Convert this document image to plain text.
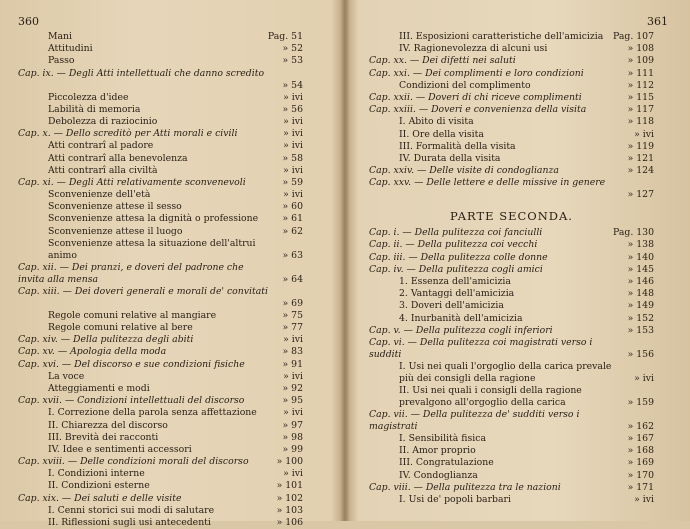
360
Mani	Pag. 51
Attitudini	» 52
Passo	» 53
Cap. ix. — Degli Atti intellettuali che danno scredito
» 54
Piccolezza d'idee	» ivi
Labilità di memoria	» 56
Debolezza di raziocinio	» ivi
Cap. x. — Dello screditò per Atti morali e civili	» ivi
Atti contrarî al padore	» ivi
Atti contrarî alla benevolenza	» 58
Atti contrarî alla civiltà	» ivi
Cap. xi. — Degli Atti relativamente sconvenevoli	» 59
Sconvenienze dell'età	» ivi
Sconvenienze attese il sesso	» 60
Sconvenienze attesa la dignità o professione	» 61
Sconvenienze attese il luogo	» 62
Sconvenienze attesa la situazione dell'altrui animo	» 63
Cap. xii. — Dei pranzi, e doveri del padrone che invita alla mensa	» 64
Cap. xiii. — Dei doveri generali e morali de' convitati
» 69
Regole comuni relative al mangiare	» 75
Regole comuni relative al bere	» 77
Cap. xiv. — Della pulitezza degli abiti	» ivi
Cap. xv. — Apologia della moda	» 83
Cap. xvi. — Del discorso e sue condizioni fisiche	» 91
La voce	» ivi
Atteggiamenti e modi	» 92
Cap. xvii. — Condizioni intellettuali del discorso	» 95
I. Correzione della parola senza affettazione	» ivi
II. Chiarezza del discorso	» 97
III. Brevità dei racconti	» 98
IV. Idee e sentimenti accessori	» 99
Cap. xviii. — Delle condizioni morali del discorso	» 100
I. Condizioni interne	» ivi
II. Condizioni esterne	» 101
Cap. xix. — Dei saluti e delle visite	» 102
I. Cenni storici sui modi di salutare	» 103
II. Riflessioni sugli usi antecedenti	» 106
361
III. Esposizioni caratteristiche dell'amicizia Pag. 107
IV. Ragionevolezza di alcuni usi	» 108
Cap. xx. — Dei difetti nei saluti	» 109
Cap. xxi. — Dei complimenti e loro condizioni	» 111
Condizioni del complimento	» 112
Cap. xxii. — Doveri di chi riceve complimenti	» 115
Cap. xxiii. — Doveri e convenienza della visita	» 117
I. Abito di visita	» 118
II. Ore della visita	» ivi
III. Formalità della visita	» 119
IV. Durata della visita	» 121
Cap. xxiv. — Delle visite di condoglianza	» 124
Cap. xxv. — Delle lettere e delle missive in genere
» 127
PARTE SECONDA.
Cap. i. — Della pulitezza coi fanciulli	Pag. 130
Cap. ii. — Della pulitezza coi vecchi	» 138
Cap. iii. — Della pulitezza colle donne	» 140
Cap. iv. — Della pulitezza cogli amici	» 145
1. Essenza dell'amicizia	» 146
2. Vantaggi dell'amicizia	» 148
3. Doveri dell'amicizia	» 149
4. Inurbanità dell'amicizia	» 152
Cap. v. — Della pulitezza cogli inferiori	» 153
Cap. vi. — Della pulitezza coi magistrati verso i sudditi	» 156
I. Usi nei quali l'orgoglio della carica prevale più dei consigli della ragione	» ivi
II. Usi nei quali i consigli della ragione prevalgono all'orgoglio della carica	» 159
Cap. vii. — Della pulitezza de' sudditi verso i magistrati	» 162
I. Sensibilità fisica	» 167
II. Amor proprio	» 168
III. Congratulazione	» 169
IV. Condoglianza	» 170
Cap. viii. — Della pulitezza tra le nazioni	» 171
I. Usi de' popoli barbari	» ivi
